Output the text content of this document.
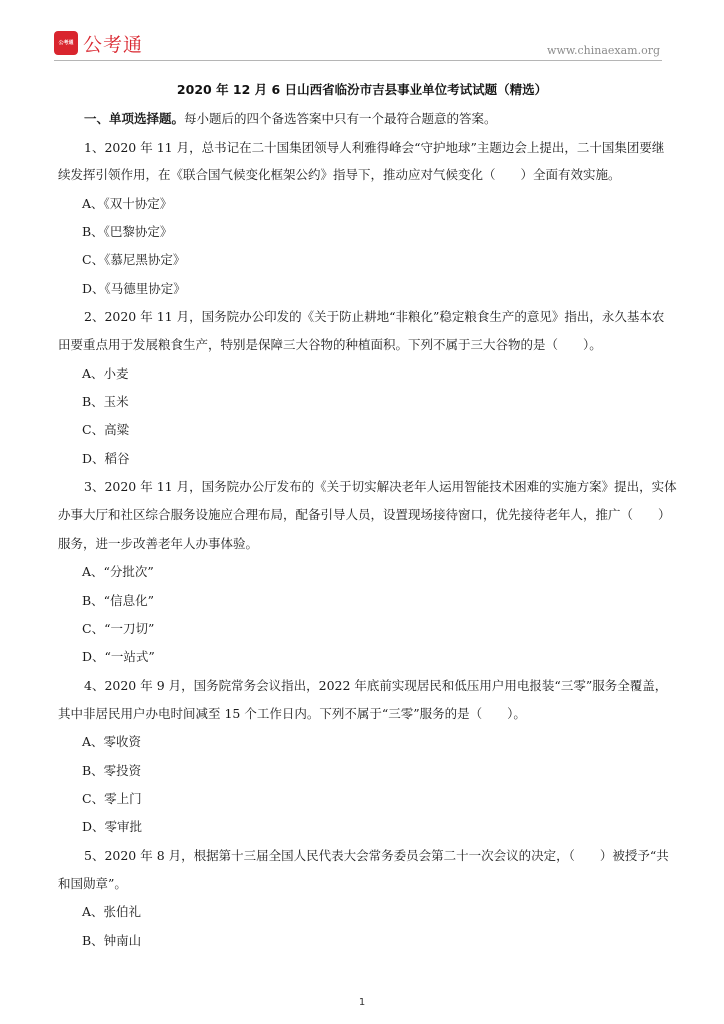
公考通 公考通	www.chinaexam.org
2020 年 12 月 6 日山西省临汾市吉县事业单位考试试题（精选）
一、单项选择题。每小题后的四个备选答案中只有一个最符合题意的答案。
1、2020 年 11 月，总书记在二十国集团领导人利雅得峰会“守护地球”主题边会上提出，二十国集团要继
续发挥引领作用，在《联合国气候变化框架公约》指导下，推动应对气候变化（　　）全面有效实施。
A、《双十协定》
B、《巴黎协定》
C、《慕尼黑协定》
D、《马德里协定》
2、2020 年 11 月，国务院办公印发的《关于防止耕地“非粮化”稳定粮食生产的意见》指出，永久基本农
田要重点用于发展粮食生产，特别是保障三大谷物的种植面积。下列不属于三大谷物的是（　　）。
A、小麦
B、玉米
C、高粱
D、稻谷
3、2020 年 11 月，国务院办公厅发布的《关于切实解决老年人运用智能技术困难的实施方案》提出，实体
办事大厅和社区综合服务设施应合理布局，配备引导人员，设置现场接待窗口，优先接待老年人，推广（　　）
服务，进一步改善老年人办事体验。
A、“分批次”
B、“信息化”
C、“一刀切”
D、“一站式”
4、2020 年 9 月，国务院常务会议指出，2022 年底前实现居民和低压用户用电报装“三零”服务全覆盖，
其中非居民用户办电时间减至 15 个工作日内。下列不属于“三零”服务的是（　　）。
A、零收资
B、零投资
C、零上门
D、零审批
5、2020 年 8 月，根据第十三届全国人民代表大会常务委员会第二十一次会议的决定，（　　）被授予“共
和国勋章”。
A、张伯礼
B、钟南山
1
